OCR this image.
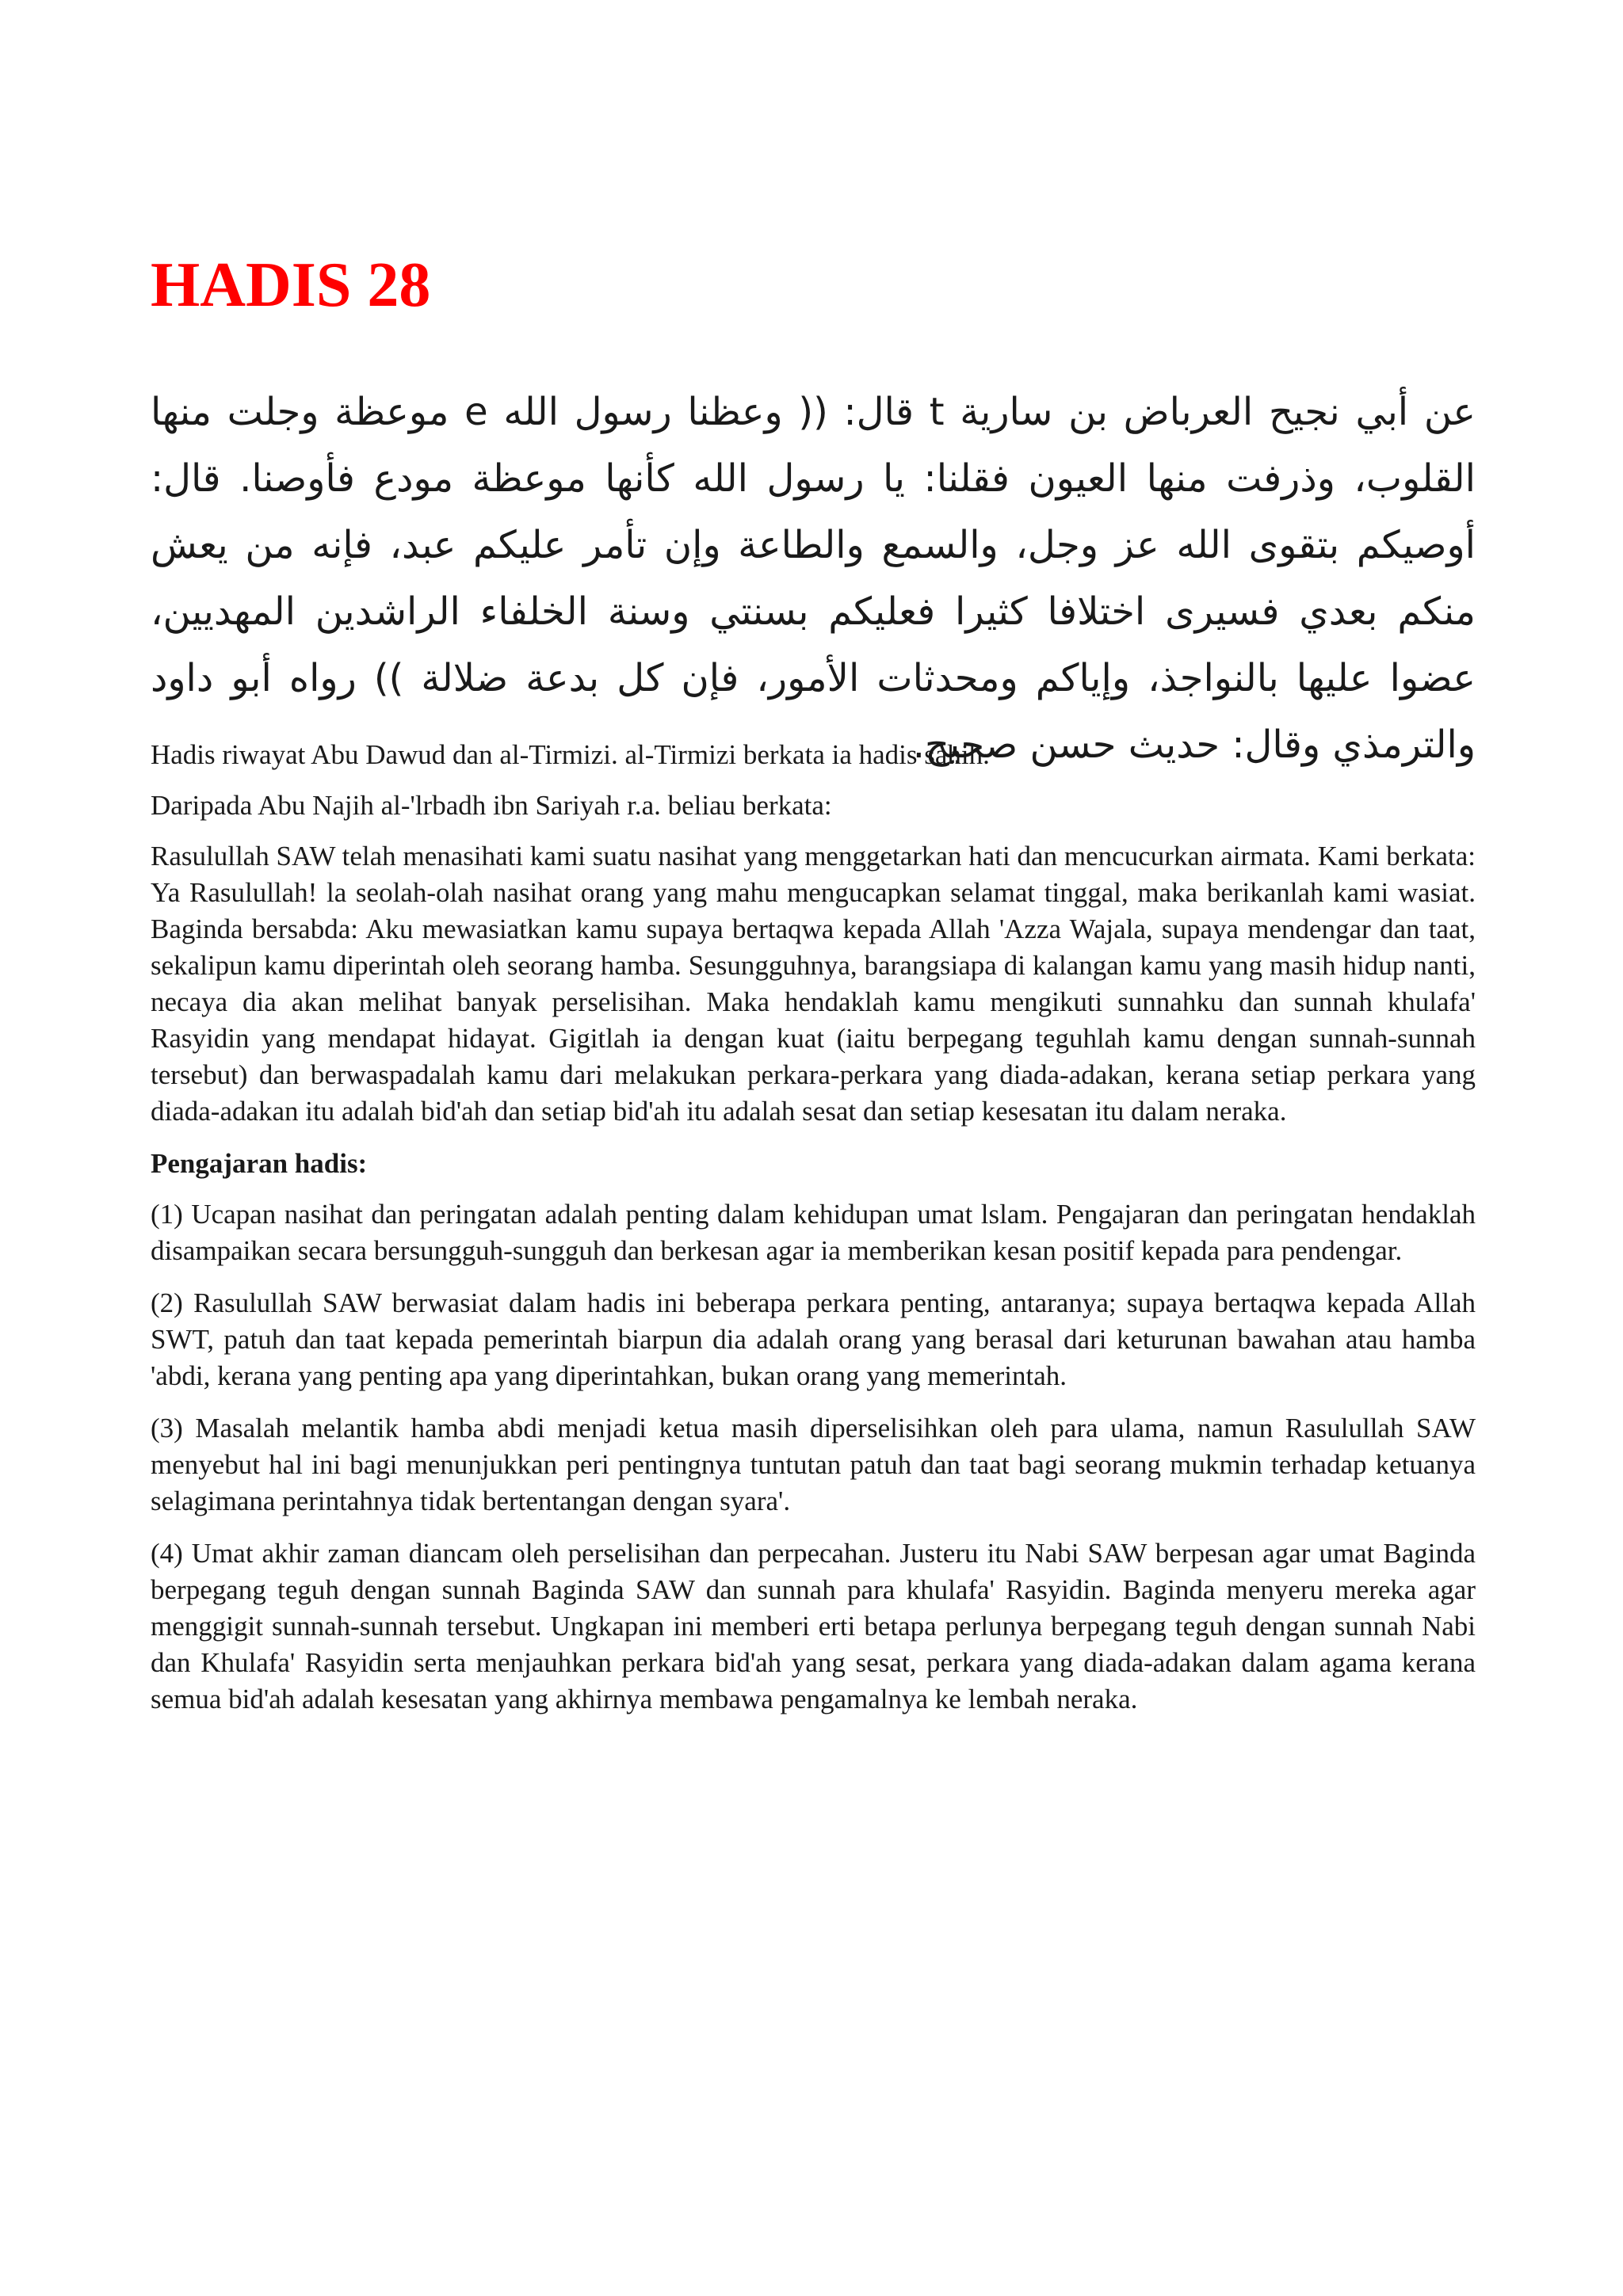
HADIS 28

عن أبي نجيح العرباض بن سارية t قال: (( وعظنا رسول الله e موعظة وجلت منها القلوب، وذرفت منها العيون فقلنا: يا رسول الله كأنها موعظة مودع فأوصنا. قال: أوصيكم بتقوى الله عز وجل، والسمع والطاعة وإن تأمر عليكم عبد، فإنه من يعش منكم بعدي فسيرى اختلافا كثيرا فعليكم بسنتي وسنة الخلفاء الراشدين المهديين، عضوا عليها بالنواجذ، وإياكم ومحدثات الأمور، فإن كل بدعة ضلالة )) رواه أبو داود والترمذي وقال: حديث حسن صحيح.

Hadis riwayat Abu Dawud dan al-Tirmizi. al-Tirmizi berkata ia hadis sahih.

Daripada Abu Najih al-'lrbadh ibn Sariyah r.a. beliau berkata:

Rasulullah SAW telah menasihati kami suatu nasihat yang menggetarkan hati dan mencucurkan airmata. Kami berkata: Ya Rasulullah! la seolah-olah nasihat orang yang mahu mengucapkan selamat tinggal, maka berikanlah kami wasiat. Baginda bersabda: Aku mewasiatkan kamu supaya bertaqwa kepada Allah 'Azza Wajala, supaya mendengar dan taat, sekalipun kamu diperintah oleh seorang hamba. Sesungguhnya, barangsiapa di kalangan kamu yang masih hidup nanti, necaya dia akan melihat banyak perselisihan. Maka hendaklah kamu mengikuti sunnahku dan sunnah khulafa' Rasyidin yang mendapat hidayat. Gigitlah ia dengan kuat (iaitu berpegang teguhlah kamu dengan sunnah-sunnah tersebut) dan berwaspadalah kamu dari melakukan perkara-perkara yang diada-adakan, kerana setiap perkara yang diada-adakan itu adalah bid'ah dan setiap bid'ah itu adalah sesat dan setiap kesesatan itu dalam neraka.

Pengajaran hadis:

(1) Ucapan nasihat dan peringatan adalah penting dalam kehidupan umat lslam. Pengajaran dan peringatan hendaklah disampaikan secara bersungguh-sungguh dan berkesan agar ia memberikan kesan positif kepada para pendengar.

(2) Rasulullah SAW berwasiat dalam hadis ini beberapa perkara penting, antaranya; supaya bertaqwa kepada Allah SWT, patuh dan taat kepada pemerintah biarpun dia adalah orang yang berasal dari keturunan bawahan atau hamba 'abdi, kerana yang penting apa yang diperintahkan, bukan orang yang memerintah.

(3) Masalah melantik hamba abdi menjadi ketua masih diperselisihkan oleh para ulama, namun Rasulullah SAW menyebut hal ini bagi menunjukkan peri pentingnya tuntutan patuh dan taat bagi seorang mukmin terhadap ketuanya selagimana perintahnya tidak bertentangan dengan syara'.

(4) Umat akhir zaman diancam oleh perselisihan dan perpecahan. Justeru itu Nabi SAW berpesan agar umat Baginda berpegang teguh dengan sunnah Baginda SAW dan sunnah para khulafa' Rasyidin. Baginda menyeru mereka agar menggigit sunnah-sunnah tersebut. Ungkapan ini memberi erti betapa perlunya berpegang teguh dengan sunnah Nabi dan Khulafa' Rasyidin serta menjauhkan perkara bid'ah yang sesat, perkara yang diada-adakan dalam agama kerana semua bid'ah adalah kesesatan yang akhirnya membawa pengamalnya ke lembah neraka.
